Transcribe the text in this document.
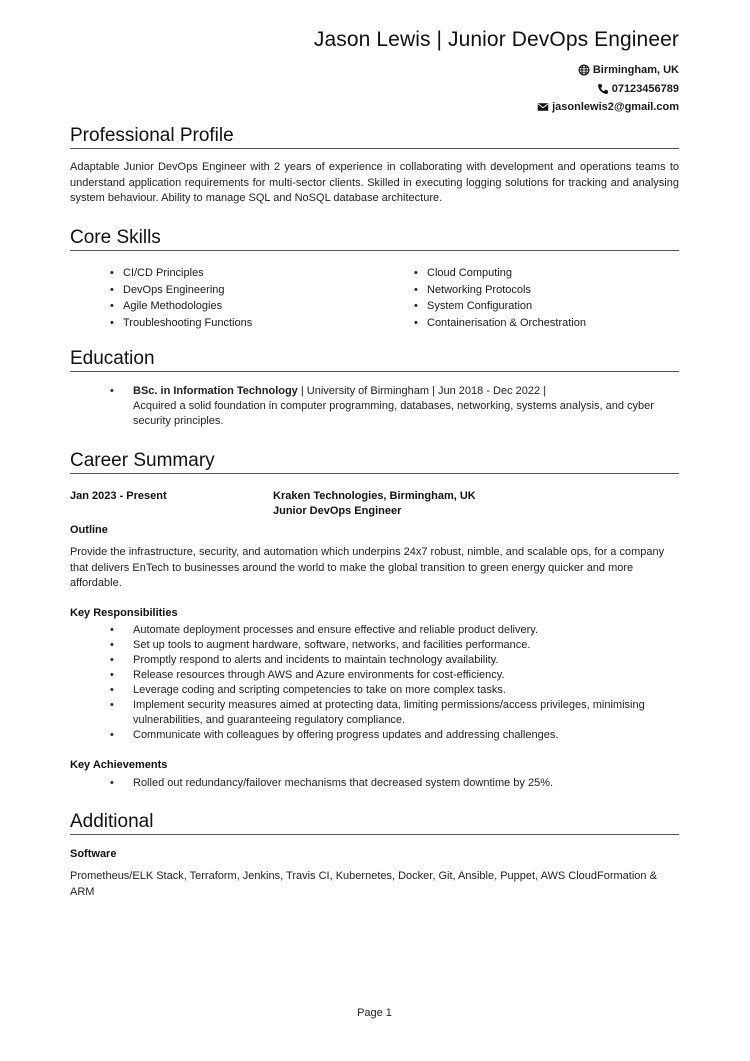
Jason Lewis | Junior DevOps Engineer
Birmingham, UK
07123456789
jasonlewis2@gmail.com
Professional Profile
Adaptable Junior DevOps Engineer with 2 years of experience in collaborating with development and operations teams to understand application requirements for multi-sector clients. Skilled in executing logging solutions for tracking and analysing system behaviour. Ability to manage SQL and NoSQL database architecture.
Core Skills
• CI/CD Principles
• DevOps Engineering
• Agile Methodologies
• Troubleshooting Functions
• Cloud Computing
• Networking Protocols
• System Configuration
• Containerisation & Orchestration
Education
• BSc. in Information Technology | University of Birmingham | Jun 2018 - Dec 2022 |
Acquired a solid foundation in computer programming, databases, networking, systems analysis, and cyber security principles.
Career Summary
Jan 2023 - Present	Kraken Technologies, Birmingham, UK
Junior DevOps Engineer
Outline
Provide the infrastructure, security, and automation which underpins 24x7 robust, nimble, and scalable ops, for a company that delivers EnTech to businesses around the world to make the global transition to green energy quicker and more affordable.
Key Responsibilities
• Automate deployment processes and ensure effective and reliable product delivery.
• Set up tools to augment hardware, software, networks, and facilities performance.
• Promptly respond to alerts and incidents to maintain technology availability.
• Release resources through AWS and Azure environments for cost-efficiency.
• Leverage coding and scripting competencies to take on more complex tasks.
• Implement security measures aimed at protecting data, limiting permissions/access privileges, minimising vulnerabilities, and guaranteeing regulatory compliance.
• Communicate with colleagues by offering progress updates and addressing challenges.
Key Achievements
• Rolled out redundancy/failover mechanisms that decreased system downtime by 25%.
Additional
Software
Prometheus/ELK Stack, Terraform, Jenkins, Travis CI, Kubernetes, Docker, Git, Ansible, Puppet, AWS CloudFormation & ARM
Page 1
